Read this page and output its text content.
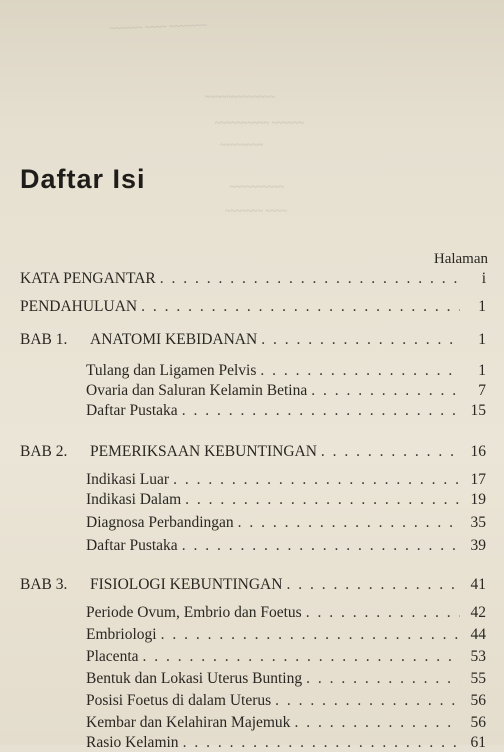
~~~~~~ ~~~~ ~~~~~~~
~~~~~~~~~~~~~
~~~~~~~~~~ ~~~~~~
~~~~~~~~
~~~~~~~~~~
~~~~~~~ ~~~~
Daftar Isi
Halaman
KATA PENGANTAR . . .	i
PENDAHULUAN . . .	1
BAB 1. ANATOMI KEBIDANAN . . .	1
Tulang dan Ligamen Pelvis . . .	1
Ovaria dan Saluran Kelamin Betina . . .	7
Daftar Pustaka . . .	15
BAB 2. PEMERIKSAAN KEBUNTINGAN . . .	16
Indikasi Luar . . .	17
Indikasi Dalam . . .	19
Diagnosa Perbandingan . . .	35
Daftar Pustaka . . .	39
BAB 3. FISIOLOGI KEBUNTINGAN . . .	41
Periode Ovum, Embrio dan Foetus . . .	42
Embriologi . . .	44
Placenta . . .	53
Bentuk dan Lokasi Uterus Bunting . . .	55
Posisi Foetus di dalam Uterus . . .	56
Kembar dan Kelahiran Majemuk . . .	56
Rasio Kelamin . . .	61
